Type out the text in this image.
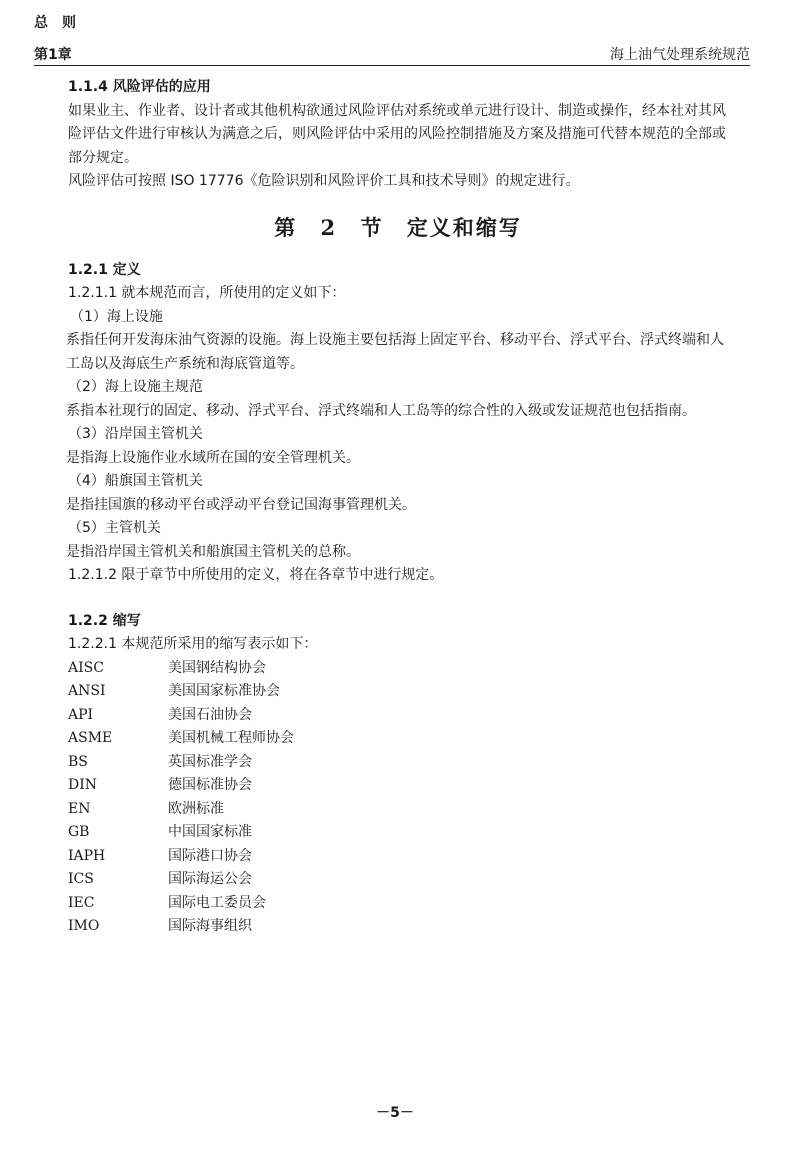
总则
第1章	海上油气处理系统规范

1.1.4 风险评估的应用

如果业主、作业者、设计者或其他机构欲通过风险评估对系统或单元进行设计、制造或操作，经本社对其风险评估文件进行审核认为满意之后，则风险评估中采用的风险控制措施及方案及措施可代替本规范的全部或部分规定。

风险评估可按照 ISO 17776《危险识别和风险评价工具和技术导则》的规定进行。

第 2 节 定义和缩写

1.2.1 定义

1.2.1.1 就本规范而言，所使用的定义如下：

（1）海上设施

系指任何开发海床油气资源的设施。海上设施主要包括海上固定平台、移动平台、浮式平台、浮式终端和人工岛以及海底生产系统和海底管道等。

（2）海上设施主规范

系指本社现行的固定、移动、浮式平台、浮式终端和人工岛等的综合性的入级或发证规范也包括指南。

（3）沿岸国主管机关

是指海上设施作业水域所在国的安全管理机关。

（4）船旗国主管机关

是指挂国旗的移动平台或浮动平台登记国海事管理机关。

（5）主管机关

是指沿岸国主管机关和船旗国主管机关的总称。

1.2.1.2 限于章节中所使用的定义，将在各章节中进行规定。

1.2.2 缩写

1.2.2.1 本规范所采用的缩写表示如下：

AISC	美国钢结构协会
ANSI	美国国家标准协会
API	美国石油协会
ASME	美国机械工程师协会
BS	英国标准学会
DIN	德国标准协会
EN	欧洲标准
GB	中国国家标准
IAPH	国际港口协会
ICS	国际海运公会
IEC	国际电工委员会
IMO	国际海事组织
－5－
